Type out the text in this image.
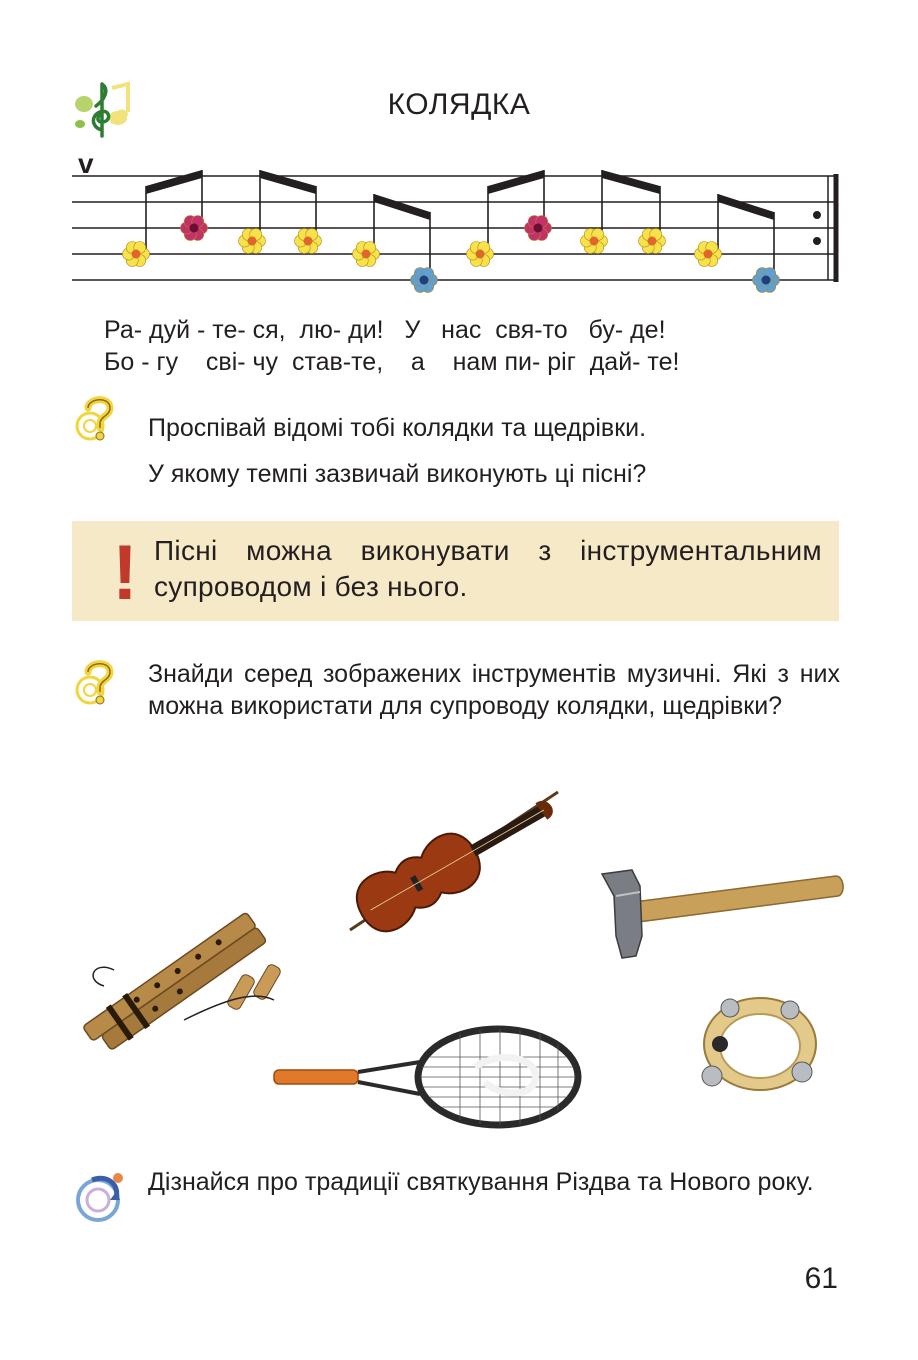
КОЛЯДКА
v
Ра- дуй - те- ся,  лю- ди!   У   нас  свя-то   бу- де!
Бо - гу    сві- чу  став-те,    а    нам пи- ріг  дай- те!
Проспівай відомі тобі колядки та щедрівки.
У якому темпі зазвичай виконують ці пісні?
! Пісні можна виконувати з інструментальним супроводом і без нього.
Знайди серед зображених інструментів музичні. Які з них можна використати для супроводу колядки, щедрівки?
Дізнайся про традиції святкування Різдва та Нового року.
61
